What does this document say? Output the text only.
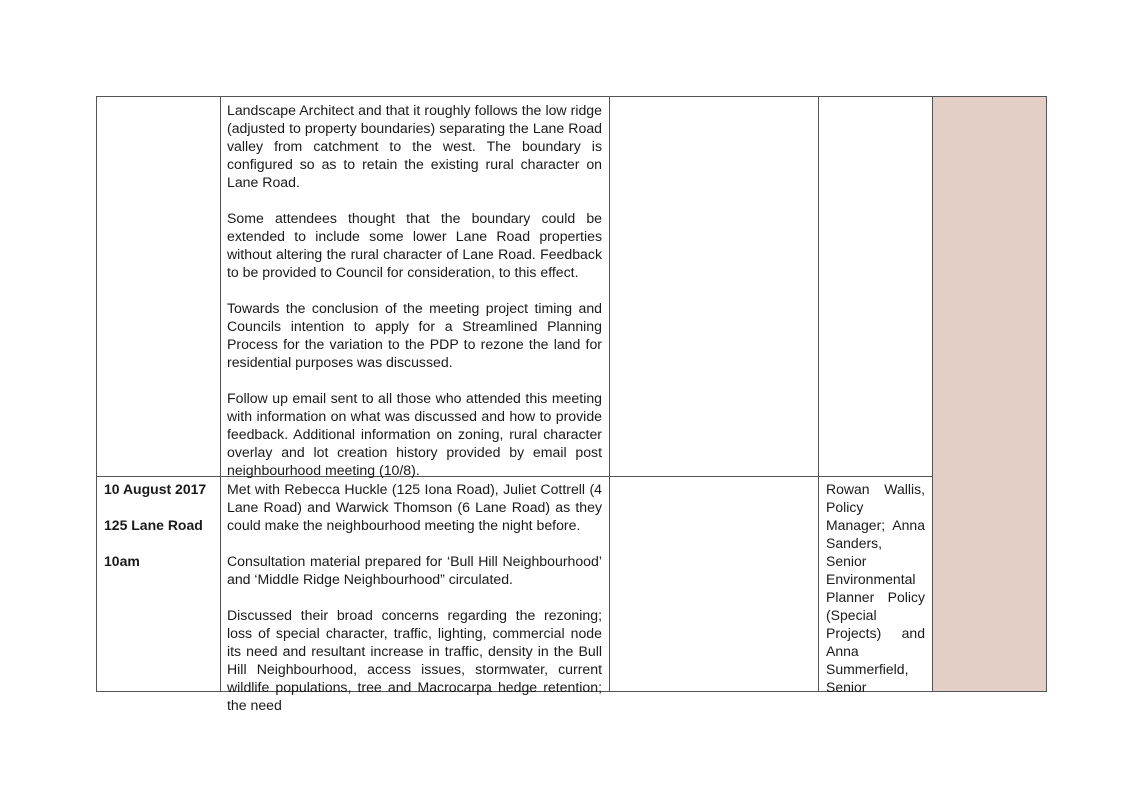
Landscape Architect and that it roughly follows the low ridge (adjusted to property boundaries) separating the Lane Road valley from catchment to the west. The boundary is configured so as to retain the existing rural character on Lane Road.

Some attendees thought that the boundary could be extended to include some lower Lane Road properties without altering the rural character of Lane Road. Feedback to be provided to Council for consideration, to this effect.

Towards the conclusion of the meeting project timing and Councils intention to apply for a Streamlined Planning Process for the variation to the PDP to rezone the land for residential purposes was discussed.

Follow up email sent to all those who attended this meeting with information on what was discussed and how to provide feedback. Additional information on zoning, rural character overlay and lot creation history provided by email post neighbourhood meeting (10/8).

10 August 2017

125 Lane Road

10am

Met with Rebecca Huckle (125 Iona Road), Juliet Cottrell (4 Lane Road) and Warwick Thomson (6 Lane Road) as they could make the neighbourhood meeting the night before.

Consultation material prepared for ‘Bull Hill Neighbourhood’ and ‘Middle Ridge Neighbourhood” circulated.

Discussed their broad concerns regarding the rezoning; loss of special character, traffic, lighting, commercial node its need and resultant increase in traffic, density in the Bull Hill Neighbourhood, access issues, stormwater, current wildlife populations, tree and Macrocarpa hedge retention; the need

Rowan Wallis, Policy Manager; Anna Sanders, Senior Environmental Planner Policy (Special Projects) and Anna Summerfield, Senior
